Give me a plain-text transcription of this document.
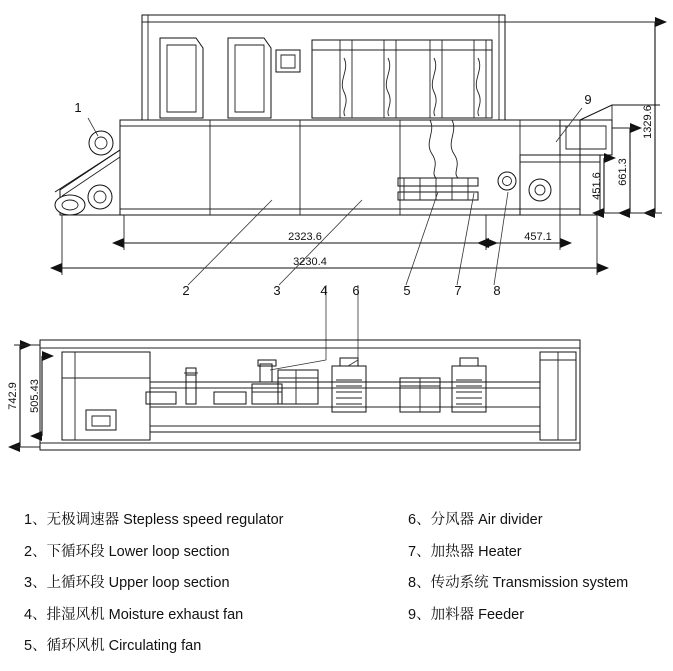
1329.6
661.3
451.6
2323.6
3230.4
457.1
1
2	3	4 6	5	7 8
9
742.9 505.43
1、无极调速器 Stepless speed regulator
2、下循环段 Lower loop section
3、上循环段 Upper loop section
4、排湿风机 Moisture exhaust fan
5、循环风机 Circulating fan
6、分风器 Air divider
7、加热器 Heater
8、传动系统 Transmission system
9、加料器 Feeder
